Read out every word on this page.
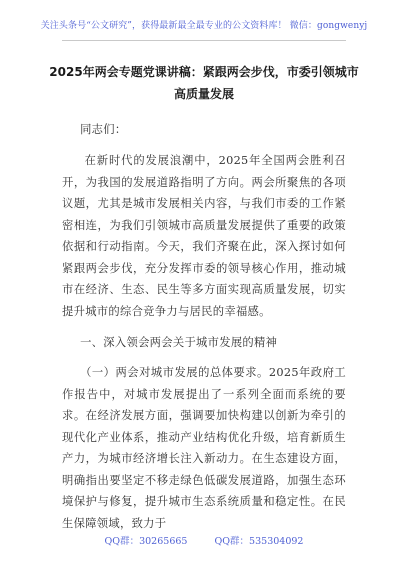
关注头条号“公文研究”，获得最新最全最专业的公文资料库！ 微信：gongwenyj
2025年两会专题党课讲稿：紧跟两会步伐，市委引领城市
高质量发展
同志们：
在新时代的发展浪潮中，2025年全国两会胜利召开，为我国的发展道路指明了方向。两会所聚焦的各项议题，尤其是城市发展相关内容，与我们市委的工作紧密相连，为我们引领城市高质量发展提供了重要的政策依据和行动指南。今天，我们齐聚在此，深入探讨如何紧跟两会步伐，充分发挥市委的领导核心作用，推动城市在经济、生态、民生等多方面实现高质量发展，切实提升城市的综合竞争力与居民的幸福感。
一、深入领会两会关于城市发展的精神
（一）两会对城市发展的总体要求。2025年政府工作报告中，对城市发展提出了一系列全面而系统的要求。在经济发展方面，强调要加快构建以创新为牵引的现代化产业体系，推动产业结构优化升级，培育新质生产力，为城市经济增长注入新动力。在生态建设方面，明确指出要坚定不移走绿色低碳发展道路，加强生态环境保护与修复，提升城市生态系统质量和稳定性。在民生保障领域，致力于
QQ群：30265665	QQ群：535304092
